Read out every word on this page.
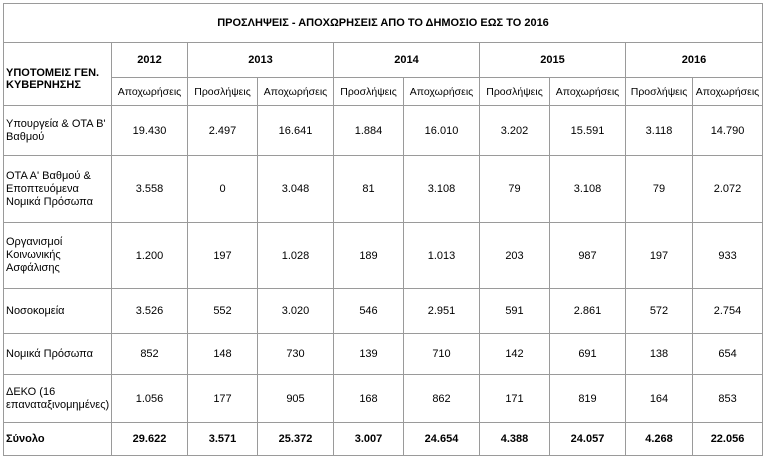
ΠΡΟΣΛΗΨΕΙΣ - ΑΠΟΧΩΡΗΣΕΙΣ ΑΠΟ ΤΟ ΔΗΜΟΣΙΟ ΕΩΣ ΤΟ 2016									
ΥΠΟΤΟΜΕΙΣ ΓΕΝ. ΚΥΒΕΡΝΗΣΗΣ	2012	2013		2014		2015		2016	
	Αποχωρήσεις	Προσλήψεις	Αποχωρήσεις	Προσλήψεις	Αποχωρήσεις	Προσλήψεις	Αποχωρήσεις	Προσλήψεις	Αποχωρήσεις
Υπουργεία & ΟΤΑ Β' Βαθμού	19.430	2.497	16.641	1.884	16.010	3.202	15.591	3.118	14.790
ΟΤΑ Α' Βαθμού & Εποπτευόμενα Νομικά Πρόσωπα	3.558	0	3.048	81	3.108	79	3.108	79	2.072
Οργανισμοί Κοινωνικής Ασφάλισης	1.200	197	1.028	189	1.013	203	987	197	933
Νοσοκομεία	3.526	552	3.020	546	2.951	591	2.861	572	2.754
Νομικά Πρόσωπα	852	148	730	139	710	142	691	138	654
ΔΕΚΟ (16 επαναταξινομημένες)	1.056	177	905	168	862	171	819	164	853
Σύνολο	29.622	3.571	25.372	3.007	24.654	4.388	24.057	4.268	22.056
